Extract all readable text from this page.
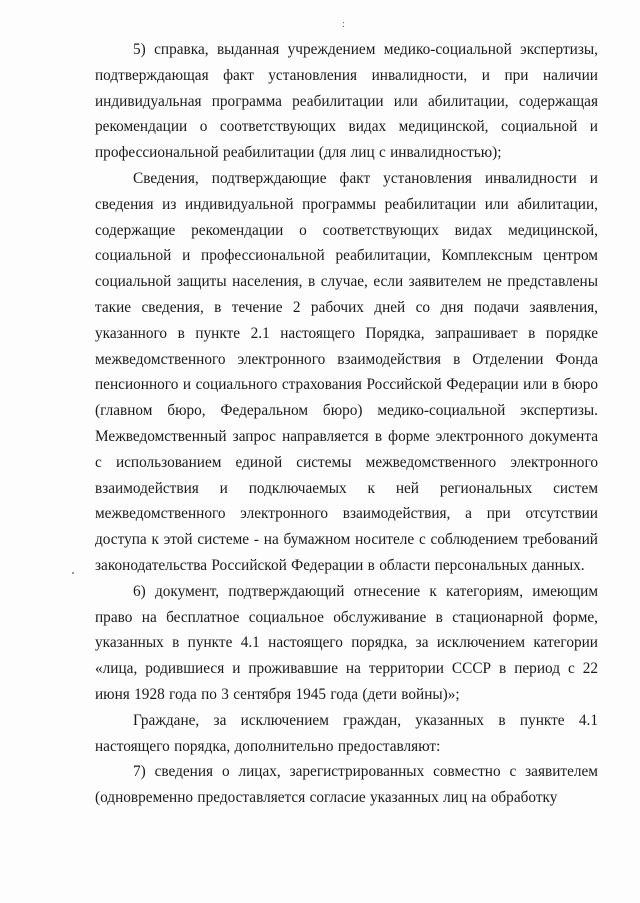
:

5) справка, выданная учреждением медико-социальной экспертизы, подтверждающая факт установления инвалидности, и при наличии индивидуальная программа реабилитации или абилитации, содержащая рекомендации о соответствующих видах медицинской, социальной и профессиональной реабилитации (для лиц с инвалидностью);

Сведения, подтверждающие факт установления инвалидности и сведения из индивидуальной программы реабилитации или абилитации, содержащие рекомендации о соответствующих видах медицинской, социальной и профессиональной реабилитации, Комплексным центром социальной защиты населения, в случае, если заявителем не представлены такие сведения, в течение 2 рабочих дней со дня подачи заявления, указанного в пункте 2.1 настоящего Порядка, запрашивает в порядке межведомственного электронного взаимодействия в Отделении Фонда пенсионного и социального страхования Российской Федерации или в бюро (главном бюро, Федеральном бюро) медико-социальной экспертизы. Межведомственный запрос направляется в форме электронного документа с использованием единой системы межведомственного электронного взаимодействия и подключаемых к ней региональных систем межведомственного электронного взаимодействия, а при отсутствии доступа к этой системе - на бумажном носителе с соблюдением требований законодательства Российской Федерации в области персональных данных.

6) документ, подтверждающий отнесение к категориям, имеющим право на бесплатное социальное обслуживание в стационарной форме, указанных в пункте 4.1 настоящего порядка, за исключением категории «лица, родившиеся и проживавшие на территории СССР в период с 22 июня 1928 года по 3 сентября 1945 года (дети войны)»;

Граждане, за исключением граждан, указанных в пункте 4.1 настоящего порядка, дополнительно предоставляют:

7) сведения о лицах, зарегистрированных совместно с заявителем (одновременно предоставляется согласие указанных лиц на обработку
